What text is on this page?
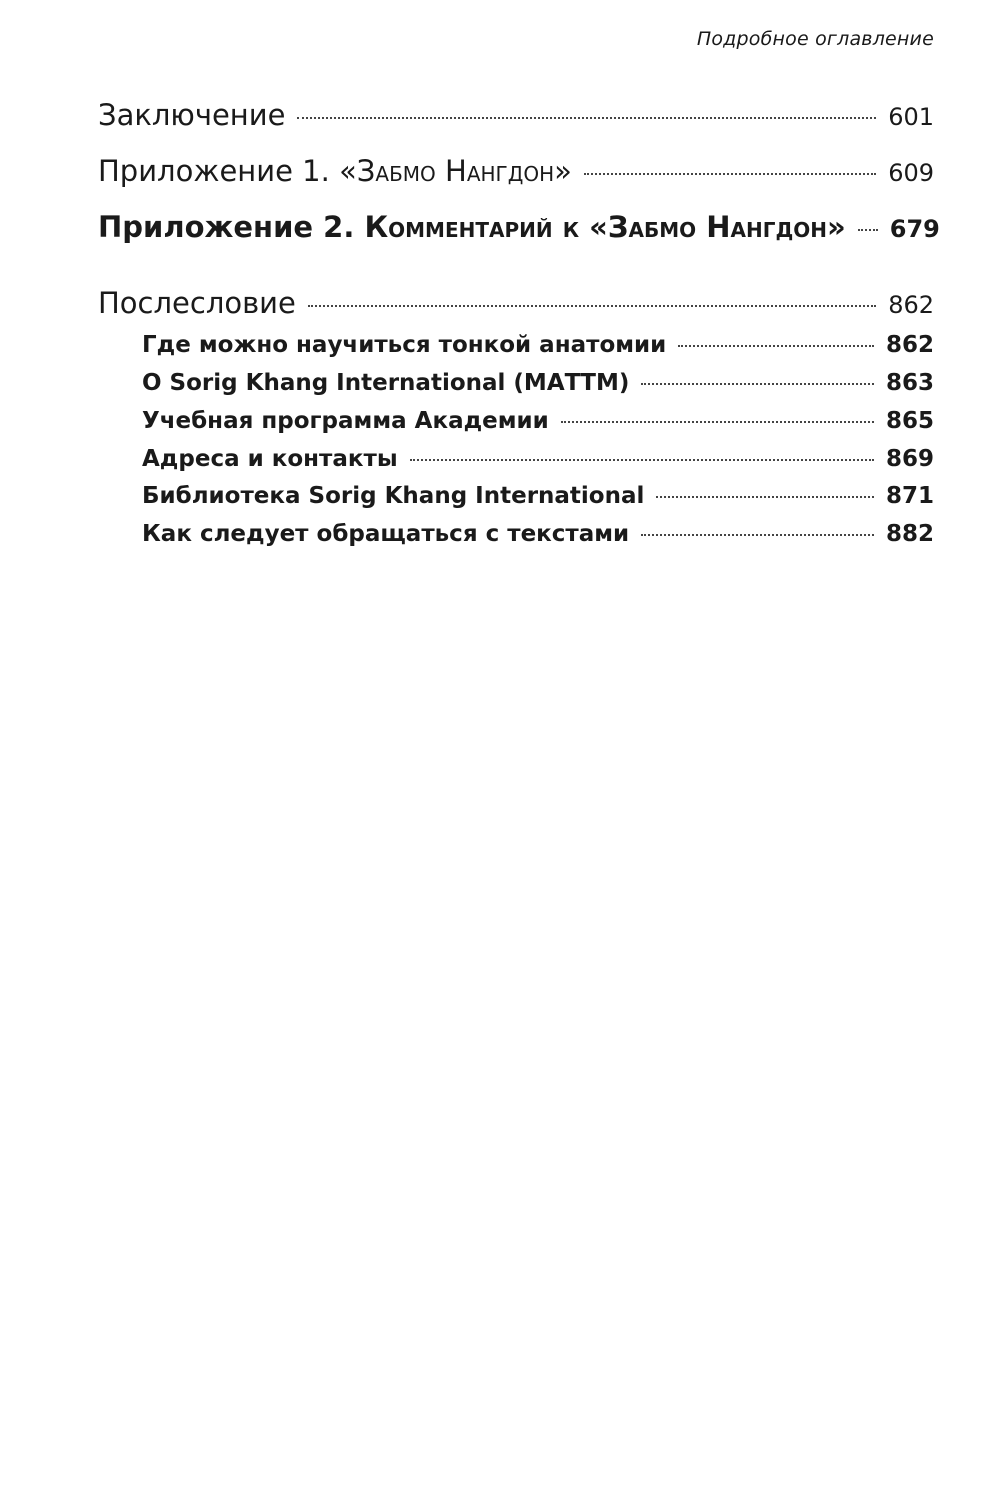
Подробное оглавление
Заключение	601
Приложение 1. «Забмо Нангдон»	609
Приложение 2. Комментарий к «Забмо Нангдон»	679
Послесловие	862
Где можно научиться тонкой анатомии	862
O Sorig Khang International (МАТТМ)	863
Учебная программа Академии	865
Адреса и контакты	869
Библиотека Sorig Khang International	871
Как следует обращаться с текстами	882
